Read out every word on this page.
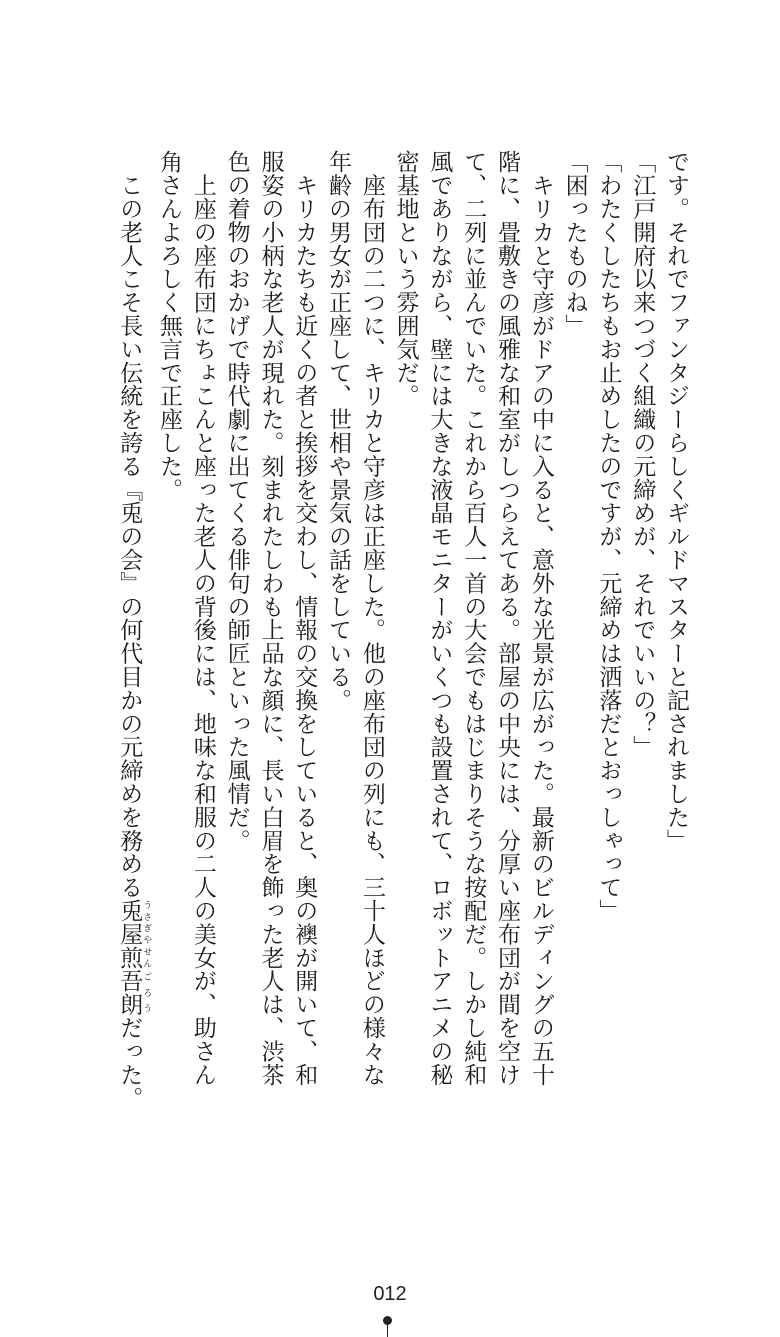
です。それでファンタジーらしくギルドマスターと記されました」

「江戸開府以来つづく組織の元締めが、それでいいの？」

「わたくしたちもお止めしたのですが、元締めは洒落だとおっしゃって」

「困ったものね」

　キリカと守彦がドアの中に入ると、意外な光景が広がった。最新のビルディングの五十

階に、畳敷きの風雅な和室がしつらえてある。部屋の中央には、分厚い座布団が間を空け

て、二列に並んでいた。これから百人一首の大会でもはじまりそうな按配だ。しかし純和

風でありながら、壁には大きな液晶モニターがいくつも設置されて、ロボットアニメの秘

密基地という雰囲気だ。

　座布団の二つに、キリカと守彦は正座した。他の座布団の列にも、三十人ほどの様々な

年齢の男女が正座して、世相や景気の話をしている。

　キリカたちも近くの者と挨拶を交わし、情報の交換をしていると、奥の襖が開いて、和

服姿の小柄な老人が現れた。刻まれたしわも上品な顔に、長い白眉を飾った老人は、渋茶

色の着物のおかげで時代劇に出てくる俳句の師匠といった風情だ。

　上座の座布団にちょこんと座った老人の背後には、地味な和服の二人の美女が、助さん

角さんよろしく無言で正座した。

　この老人こそ長い伝統を誇る『兎の会』の何代目かの元締めを務める兎屋 うさぎや煎 せん吾朗 ごろうだった。

012
